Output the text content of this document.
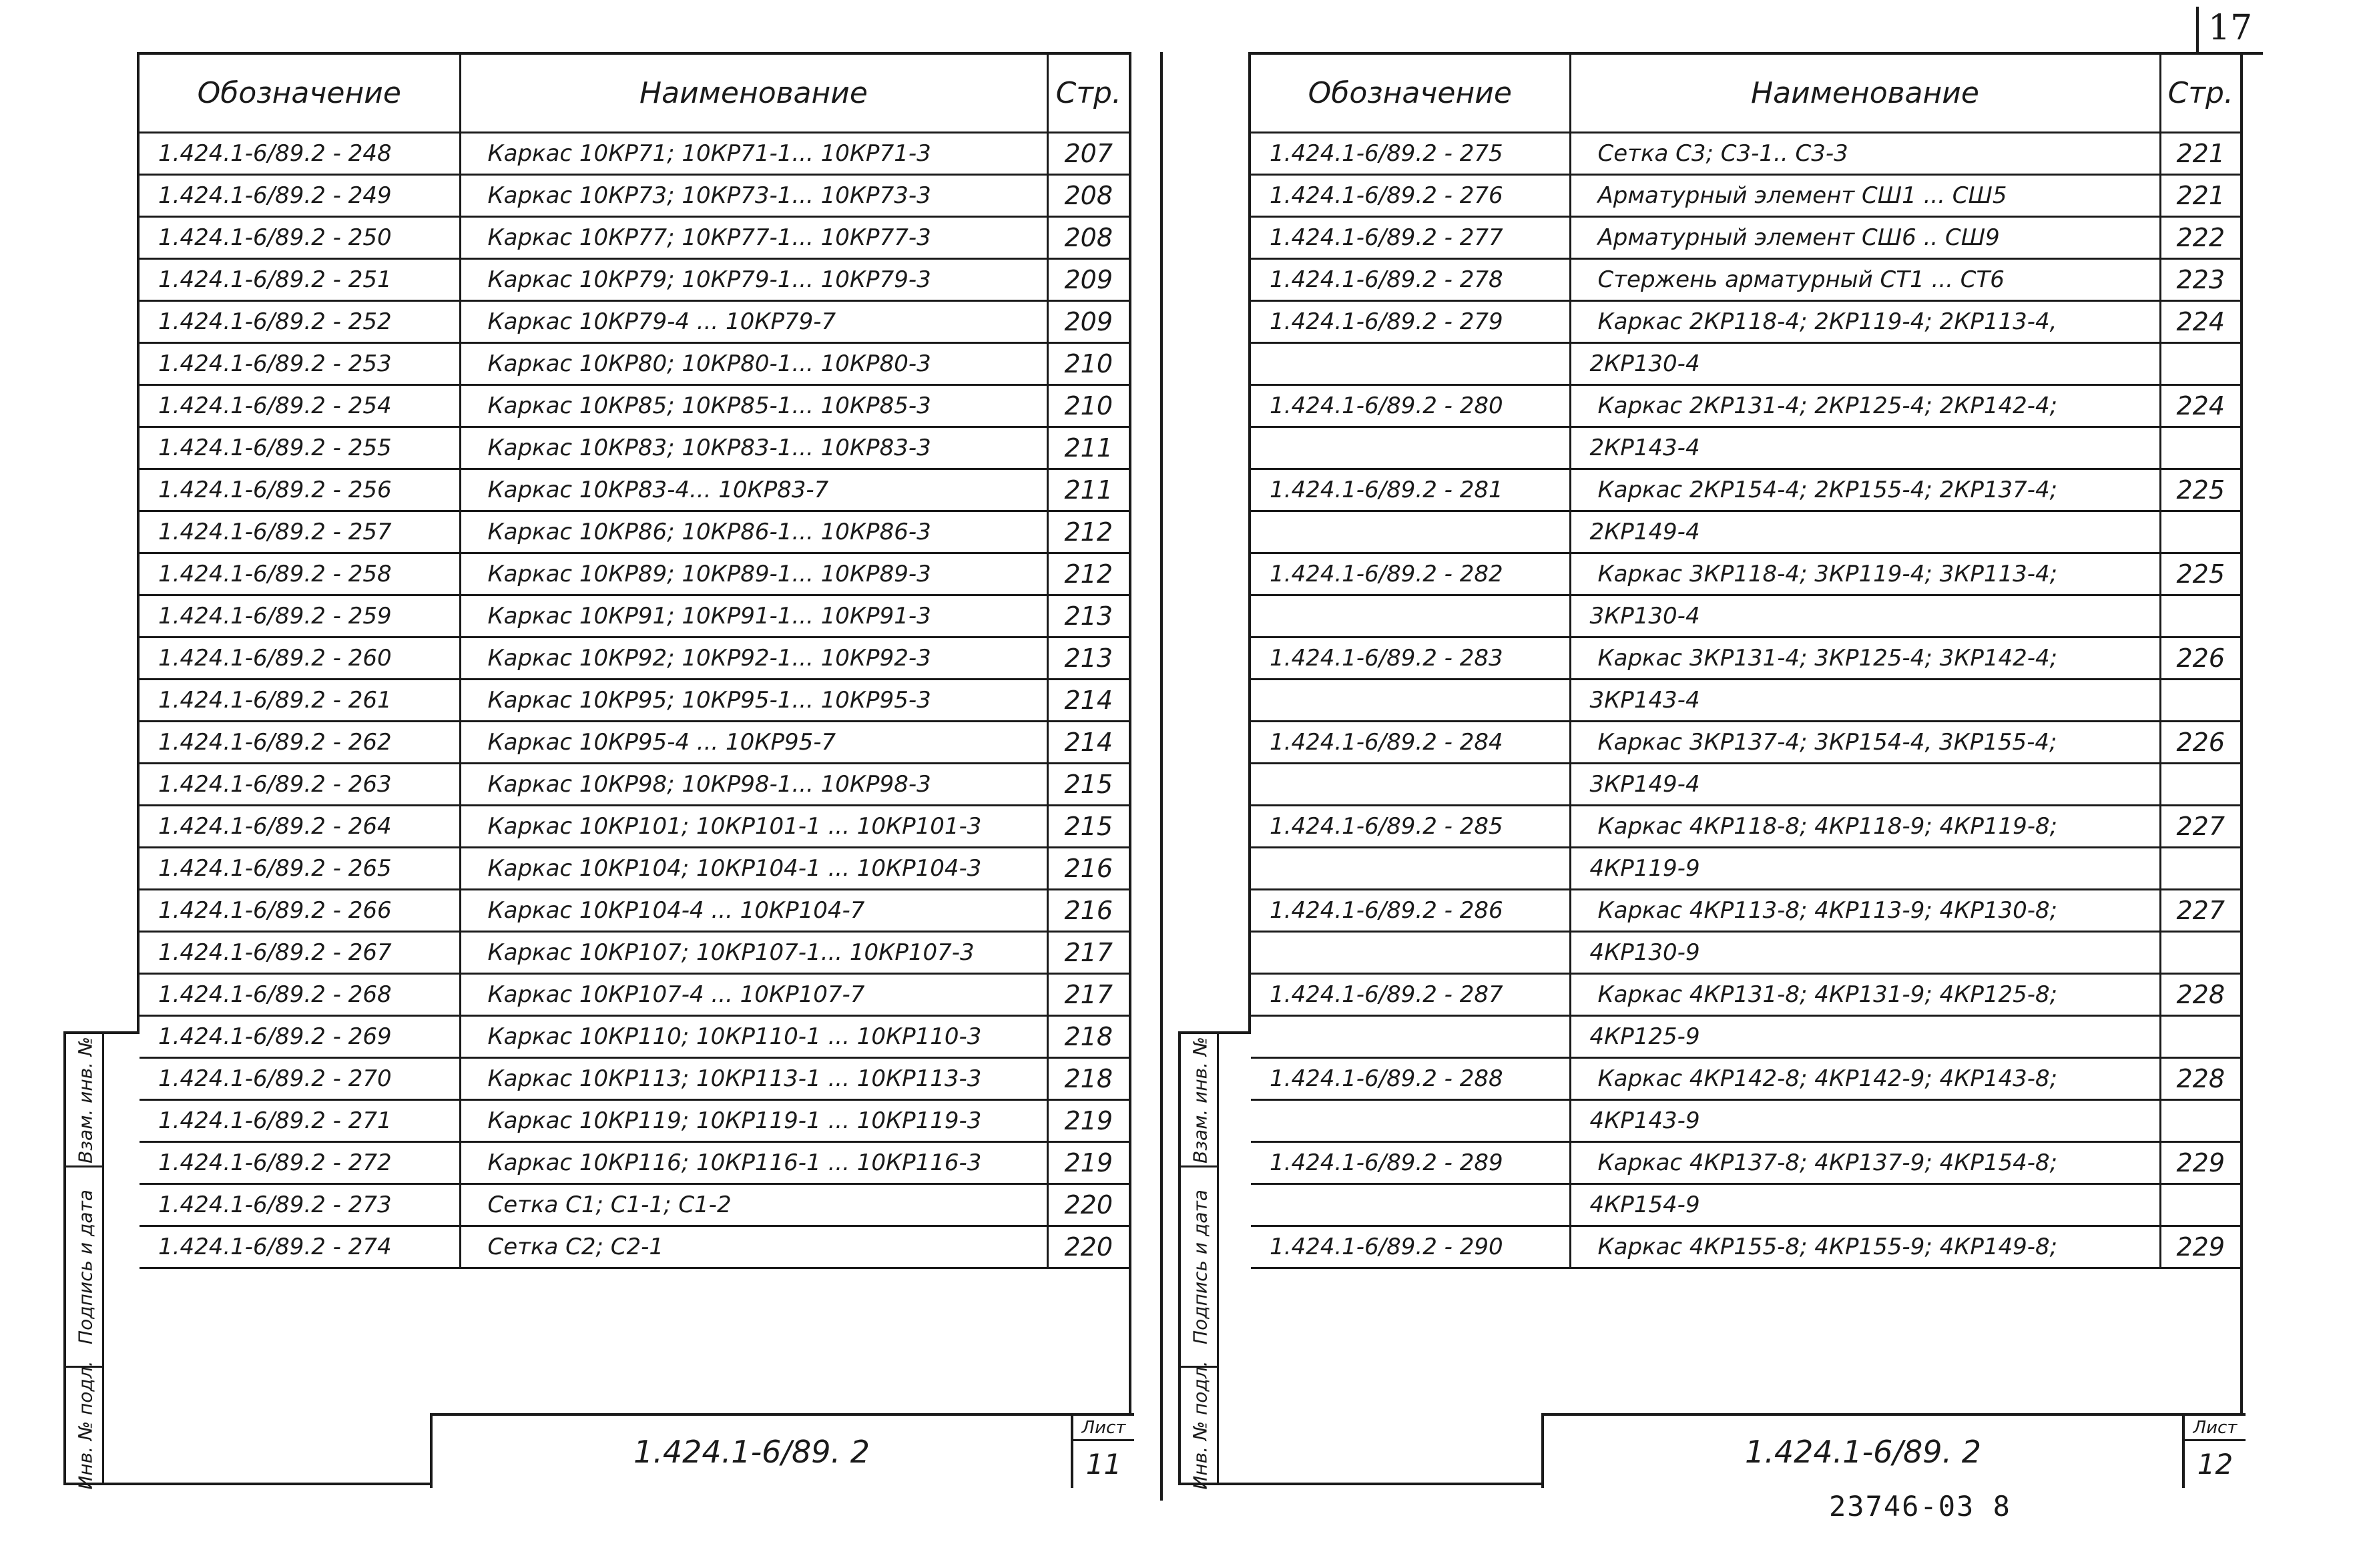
17
Обозначение	Наименование	Стр.
1.424.1-6/89.2 - 248	Каркас 10КР71; 10КР71-1... 10КР71-3	207
1.424.1-6/89.2 - 249	Каркас 10КР73; 10КР73-1... 10КР73-3	208
1.424.1-6/89.2 - 250	Каркас 10КР77; 10КР77-1... 10КР77-3	208
1.424.1-6/89.2 - 251	Каркас 10КР79; 10КР79-1... 10КР79-3	209
1.424.1-6/89.2 - 252	Каркас 10КР79-4 ... 10КР79-7	209
1.424.1-6/89.2 - 253	Каркас 10КР80; 10КР80-1... 10КР80-3	210
1.424.1-6/89.2 - 254	Каркас 10КР85; 10КР85-1... 10КР85-3	210
1.424.1-6/89.2 - 255	Каркас 10КР83; 10КР83-1... 10КР83-3	211
1.424.1-6/89.2 - 256	Каркас 10КР83-4... 10КР83-7	211
1.424.1-6/89.2 - 257	Каркас 10КР86; 10КР86-1... 10КР86-3	212
1.424.1-6/89.2 - 258	Каркас 10КР89; 10КР89-1... 10КР89-3	212
1.424.1-6/89.2 - 259	Каркас 10КР91; 10КР91-1... 10КР91-3	213
1.424.1-6/89.2 - 260	Каркас 10КР92; 10КР92-1... 10КР92-3	213
1.424.1-6/89.2 - 261	Каркас 10КР95; 10КР95-1... 10КР95-3	214
1.424.1-6/89.2 - 262	Каркас 10КР95-4 ... 10КР95-7	214
1.424.1-6/89.2 - 263	Каркас 10КР98; 10КР98-1... 10КР98-3	215
1.424.1-6/89.2 - 264	Каркас 10КР101; 10КР101-1 ... 10КР101-3	215
1.424.1-6/89.2 - 265	Каркас 10КР104; 10КР104-1 ... 10КР104-3	216
1.424.1-6/89.2 - 266	Каркас 10КР104-4 ... 10КР104-7	216
1.424.1-6/89.2 - 267	Каркас 10КР107; 10КР107-1... 10КР107-3	217
1.424.1-6/89.2 - 268	Каркас 10КР107-4 ... 10КР107-7	217
1.424.1-6/89.2 - 269	Каркас 10КР110; 10КР110-1 ... 10КР110-3	218
1.424.1-6/89.2 - 270	Каркас 10КР113; 10КР113-1 ... 10КР113-3	218
1.424.1-6/89.2 - 271	Каркас 10КР119; 10КР119-1 ... 10КР119-3	219
1.424.1-6/89.2 - 272	Каркас 10КР116; 10КР116-1 ... 10КР116-3	219
1.424.1-6/89.2 - 273	Сетка С1; С1-1; С1-2	220
1.424.1-6/89.2 - 274	Сетка С2; С2-1	220
1.424.1-6/89. 2
Лист
11
Взам. инв. №
Подпись и дата
Инв. № подл.
Обозначение	Наименование	Стр.
1.424.1-6/89.2 - 275	Сетка С3; С3-1.. С3-3	221
1.424.1-6/89.2 - 276	Арматурный элемент СШ1 ... СШ5	221
1.424.1-6/89.2 - 277	Арматурный элемент СШ6 .. СШ9	222
1.424.1-6/89.2 - 278	Стержень арматурный СТ1 ... СТ6	223
1.424.1-6/89.2 - 279	Каркас 2КР118-4; 2КР119-4; 2КР113-4,	224
	2КР130-4	
1.424.1-6/89.2 - 280	Каркас 2КР131-4; 2КР125-4; 2КР142-4;	224
	2КР143-4	
1.424.1-6/89.2 - 281	Каркас 2КР154-4; 2КР155-4; 2КР137-4;	225
	2КР149-4	
1.424.1-6/89.2 - 282	Каркас 3КР118-4; 3КР119-4; 3КР113-4;	225
	3КР130-4	
1.424.1-6/89.2 - 283	Каркас 3КР131-4; 3КР125-4; 3КР142-4;	226
	3КР143-4	
1.424.1-6/89.2 - 284	Каркас 3КР137-4; 3КР154-4, 3КР155-4;	226
	3КР149-4	
1.424.1-6/89.2 - 285	Каркас 4КР118-8; 4КР118-9; 4КР119-8;	227
	4КР119-9	
1.424.1-6/89.2 - 286	Каркас 4КР113-8; 4КР113-9; 4КР130-8;	227
	4КР130-9	
1.424.1-6/89.2 - 287	Каркас 4КР131-8; 4КР131-9; 4КР125-8;	228
	4КР125-9	
1.424.1-6/89.2 - 288	Каркас 4КР142-8; 4КР142-9; 4КР143-8;	228
	4КР143-9	
1.424.1-6/89.2 - 289	Каркас 4КР137-8; 4КР137-9; 4КР154-8;	229
	4КР154-9	
1.424.1-6/89.2 - 290	Каркас 4КР155-8; 4КР155-9; 4КР149-8;	229
1.424.1-6/89. 2
Лист
12
Взам. инв. №
Подпись и дата
Инв. № подл.
23746-03 8
